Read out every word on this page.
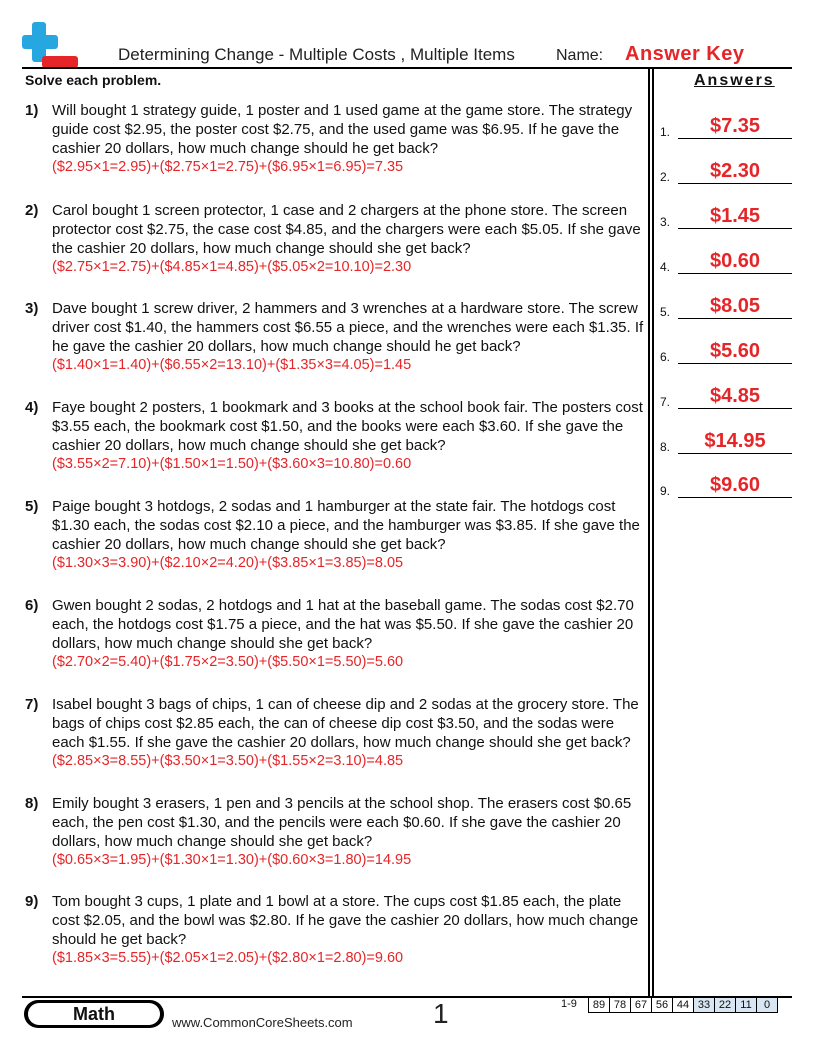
Determining Change - Multiple Costs , Multiple Items	Name: Answer Key
Solve each problem.	Answers
1) Will bought 1 strategy guide, 1 poster and 1 used game at the game store. The strategy guide cost $2.95, the poster cost $2.75, and the used game was $6.95. If he gave the cashier 20 dollars, how much change should he get back?
($2.95×1=2.95)+($2.75×1=2.75)+($6.95×1=6.95)=7.35
2) Carol bought 1 screen protector, 1 case and 2 chargers at the phone store. The screen protector cost $2.75, the case cost $4.85, and the chargers were each $5.05. If she gave the cashier 20 dollars, how much change should she get back?
($2.75×1=2.75)+($4.85×1=4.85)+($5.05×2=10.10)=2.30
3) Dave bought 1 screw driver, 2 hammers and 3 wrenches at a hardware store. The screw driver cost $1.40, the hammers cost $6.55 a piece, and the wrenches were each $1.35. If he gave the cashier 20 dollars, how much change should he get back?
($1.40×1=1.40)+($6.55×2=13.10)+($1.35×3=4.05)=1.45
4) Faye bought 2 posters, 1 bookmark and 3 books at the school book fair. The posters cost $3.55 each, the bookmark cost $1.50, and the books were each $3.60. If she gave the cashier 20 dollars, how much change should she get back?
($3.55×2=7.10)+($1.50×1=1.50)+($3.60×3=10.80)=0.60
5) Paige bought 3 hotdogs, 2 sodas and 1 hamburger at the state fair. The hotdogs cost $1.30 each, the sodas cost $2.10 a piece, and the hamburger was $3.85. If she gave the cashier 20 dollars, how much change should she get back?
($1.30×3=3.90)+($2.10×2=4.20)+($3.85×1=3.85)=8.05
6) Gwen bought 2 sodas, 2 hotdogs and 1 hat at the baseball game. The sodas cost $2.70 each, the hotdogs cost $1.75 a piece, and the hat was $5.50. If she gave the cashier 20 dollars, how much change should she get back?
($2.70×2=5.40)+($1.75×2=3.50)+($5.50×1=5.50)=5.60
7) Isabel bought 3 bags of chips, 1 can of cheese dip and 2 sodas at the grocery store. The bags of chips cost $2.85 each, the can of cheese dip cost $3.50, and the sodas were each $1.55. If she gave the cashier 20 dollars, how much change should she get back?
($2.85×3=8.55)+($3.50×1=3.50)+($1.55×2=3.10)=4.85
8) Emily bought 3 erasers, 1 pen and 3 pencils at the school shop. The erasers cost $0.65 each, the pen cost $1.30, and the pencils were each $0.60. If she gave the cashier 20 dollars, how much change should she get back?
($0.65×3=1.95)+($1.30×1=1.30)+($0.60×3=1.80)=14.95
9) Tom bought 3 cups, 1 plate and 1 bowl at a store. The cups cost $1.85 each, the plate cost $2.05, and the bowl was $2.80. If he gave the cashier 20 dollars, how much change should he get back?
($1.85×3=5.55)+($2.05×1=2.05)+($2.80×1=2.80)=9.60
1.	$7.35
2.	$2.30
3.	$1.45
4.	$0.60
5.	$8.05
6.	$5.60
7.	$4.85
8.	$14.95
9.	$9.60
Math	www.CommonCoreSheets.com	1	1-9 89	78	67	56	44	33	22	11	0
